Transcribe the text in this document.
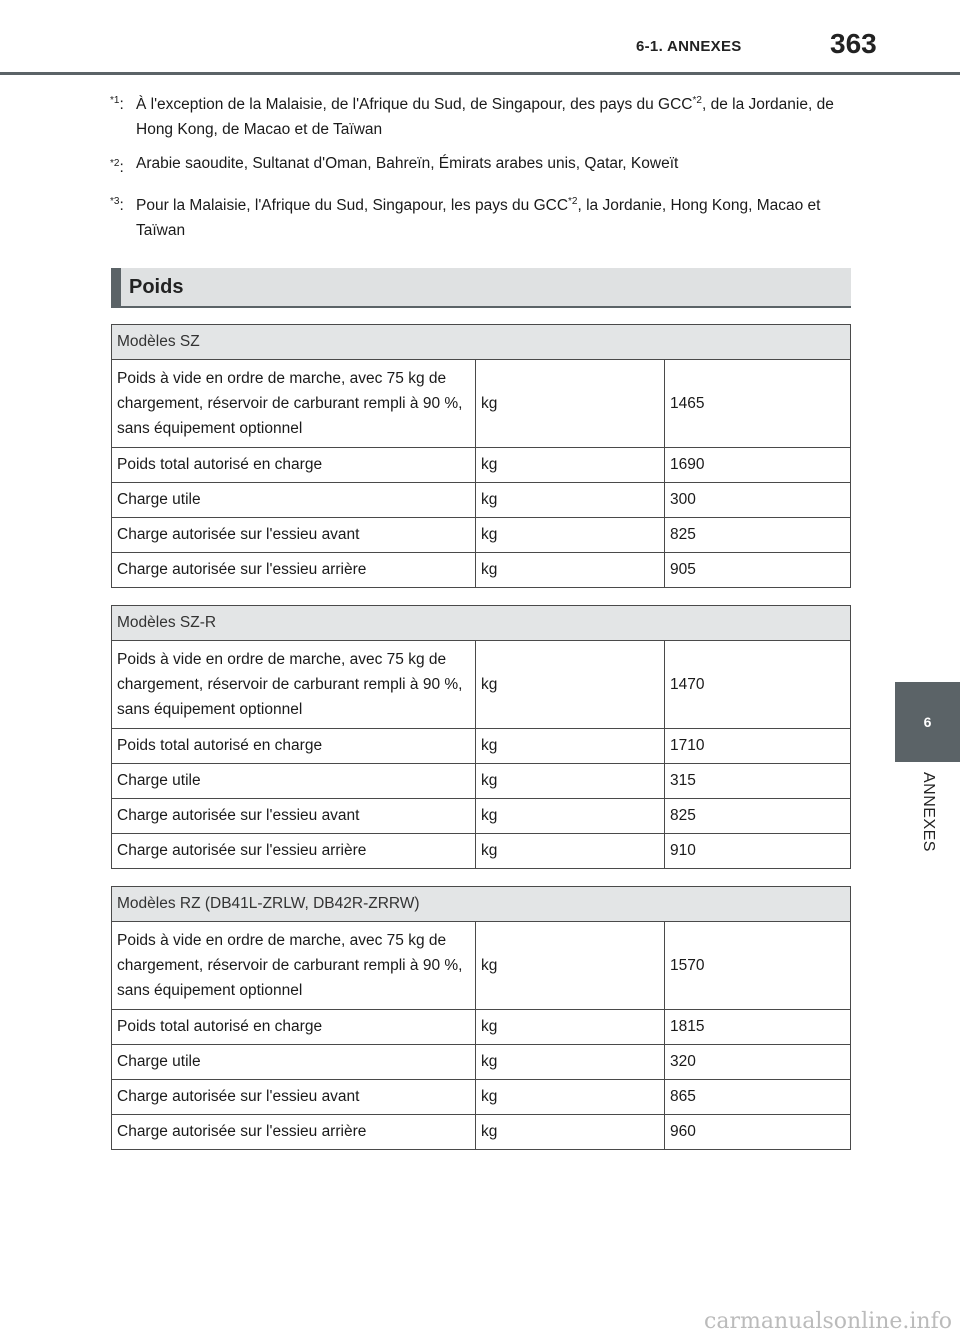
6-1. ANNEXES	363
6
ANNEXES
$^{*1}$: À l'exception de la Malaisie, de l'Afrique du Sud, de Singapour, des pays du GCC$^{*2}$, de la Jordanie, de Hong Kong, de Macao et de Taïwan
$^{*2}$: Arabie saoudite, Sultanat d'Oman, Bahreïn, Émirats arabes unis, Qatar, Koweït
$^{*3}$: Pour la Malaisie, l'Afrique du Sud, Singapour, les pays du GCC$^{*2}$, la Jordanie, Hong Kong, Macao et Taïwan
Poids
Modèles SZ		
Poids à vide en ordre de marche, avec 75 kg de chargement, réservoir de carburant rempli à 90 %, sans équipement optionnel	kg	1465
Poids total autorisé en charge	kg	1690
Charge utile	kg	300
Charge autorisée sur l'essieu avant	kg	825
Charge autorisée sur l'essieu arrière	kg	905
Modèles SZ-R		
Poids à vide en ordre de marche, avec 75 kg de chargement, réservoir de carburant rempli à 90 %, sans équipement optionnel	kg	1470
Poids total autorisé en charge	kg	1710
Charge utile	kg	315
Charge autorisée sur l'essieu avant	kg	825
Charge autorisée sur l'essieu arrière	kg	910
Modèles RZ (DB41L-ZRLW, DB42R-ZRRW)		
Poids à vide en ordre de marche, avec 75 kg de chargement, réservoir de carburant rempli à 90 %, sans équipement optionnel	kg	1570
Poids total autorisé en charge	kg	1815
Charge utile	kg	320
Charge autorisée sur l'essieu avant	kg	865
Charge autorisée sur l'essieu arrière	kg	960
carmanualsonline.info
